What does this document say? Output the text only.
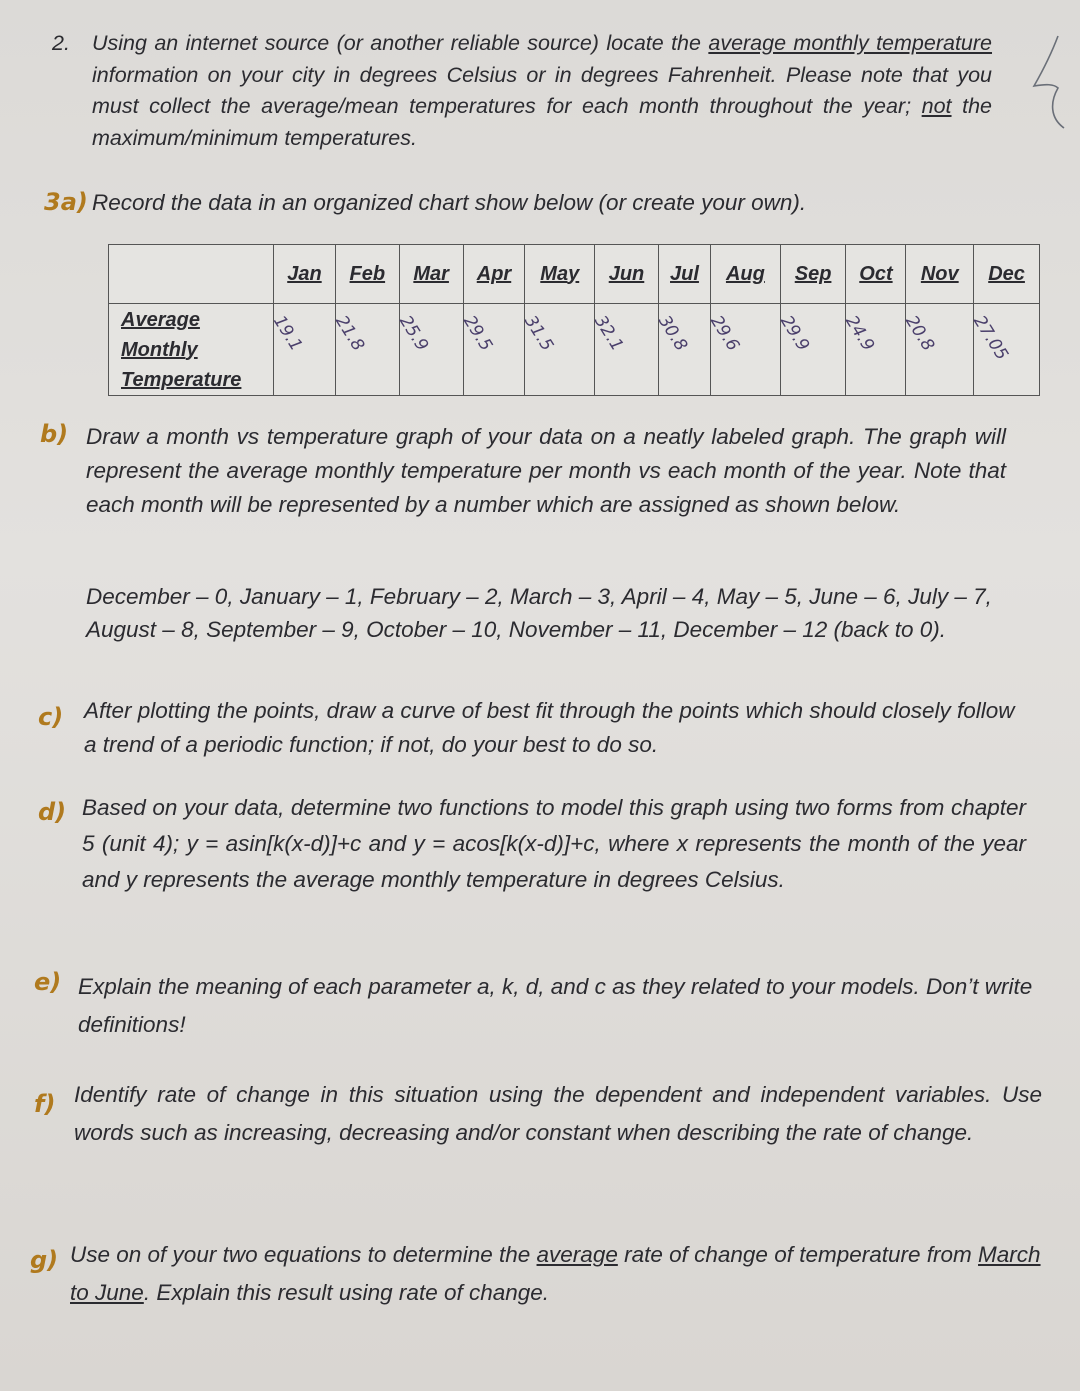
2. Using an internet source (or another reliable source) locate the average monthly temperature information on your city in degrees Celsius or in degrees Fahrenheit. Please note that you must collect the average/mean temperatures for each month throughout the year; not the maximum/minimum temperatures.
3a) Record the data in an organized chart show below (or create your own).
	Jan	Feb	Mar	Apr	May	Jun	Jul	Aug	Sep	Oct	Nov	Dec

Average
Monthly
Temperature	19.1	21.8	25.9	29.5	31.5	32.1	30.8	29.6	29.9	24.9	20.8	27.05
b) Draw a month vs temperature graph of your data on a neatly labeled graph. The graph will represent the average monthly temperature per month vs each month of the year. Note that each month will be represented by a number which are assigned as shown below.
December – 0, January – 1, February – 2, March – 3, April – 4, May – 5, June – 6, July – 7, August – 8, September – 9, October – 10, November – 11, December – 12 (back to 0).
c) After plotting the points, draw a curve of best fit through the points which should closely follow a trend of a periodic function; if not, do your best to do so.
d) Based on your data, determine two functions to model this graph using two forms from chapter 5 (unit 4); y = asin[k(x-d)]+c and y = acos[k(x-d)]+c, where x represents the month of the year and y represents the average monthly temperature in degrees Celsius.
e) Explain the meaning of each parameter a, k, d, and c as they related to your models. Don’t write definitions!
f) Identify rate of change in this situation using the dependent and independent variables. Use words such as increasing, decreasing and/or constant when describing the rate of change.
g) Use on of your two equations to determine the average rate of change of temperature from March to June. Explain this result using rate of change.
